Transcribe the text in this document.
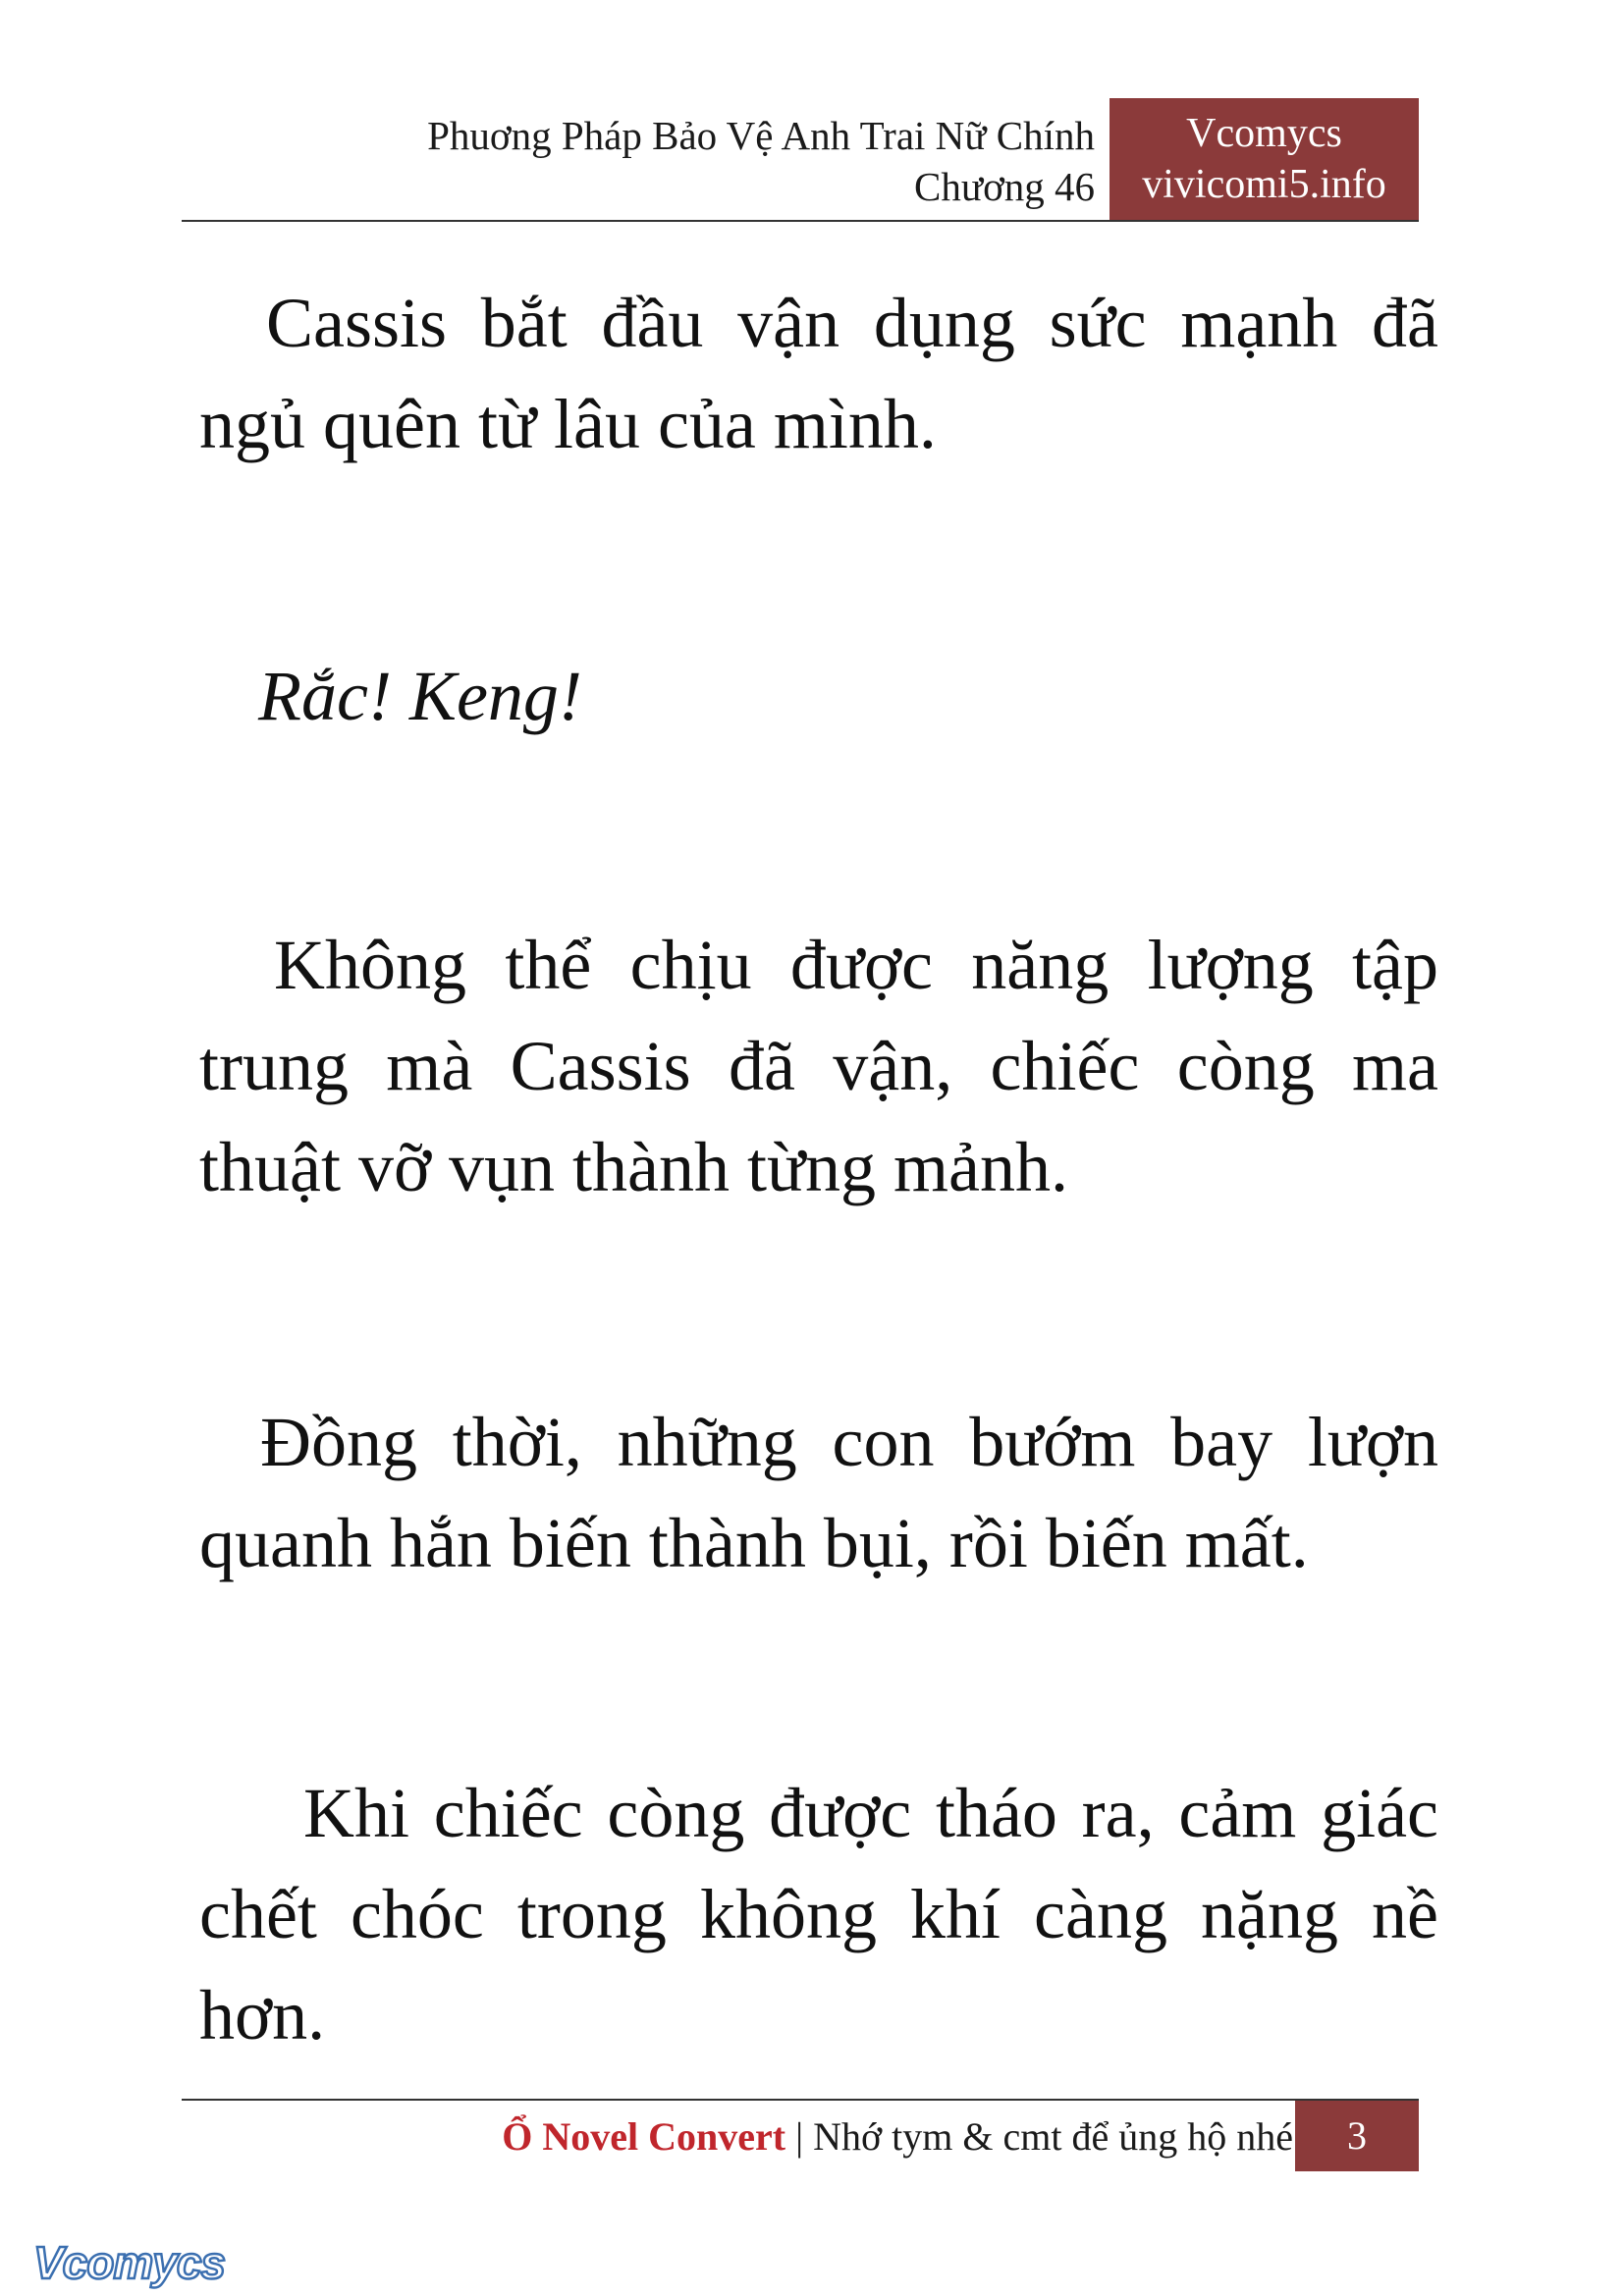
Phuơng Pháp Bảo Vệ Anh Trai Nữ Chính
Chương 46
Vcomycs
vivicomi5.info

Cassis bắt đầu vận dụng sức mạnh đã ngủ quên từ lâu của mình.

Rắc! Keng!

Không thể chịu được năng lượng tập trung mà Cassis đã vận, chiếc còng ma thuật vỡ vụn thành từng mảnh.

Đồng thời, những con bướm bay lượn quanh hắn biến thành bụi, rồi biến mất.

Khi chiếc còng được tháo ra, cảm giác chết chóc trong không khí càng nặng nề hơn.

Ổ Novel Convert | Nhớ tym & cmt để ủng hộ nhé	3
Vcomycs
